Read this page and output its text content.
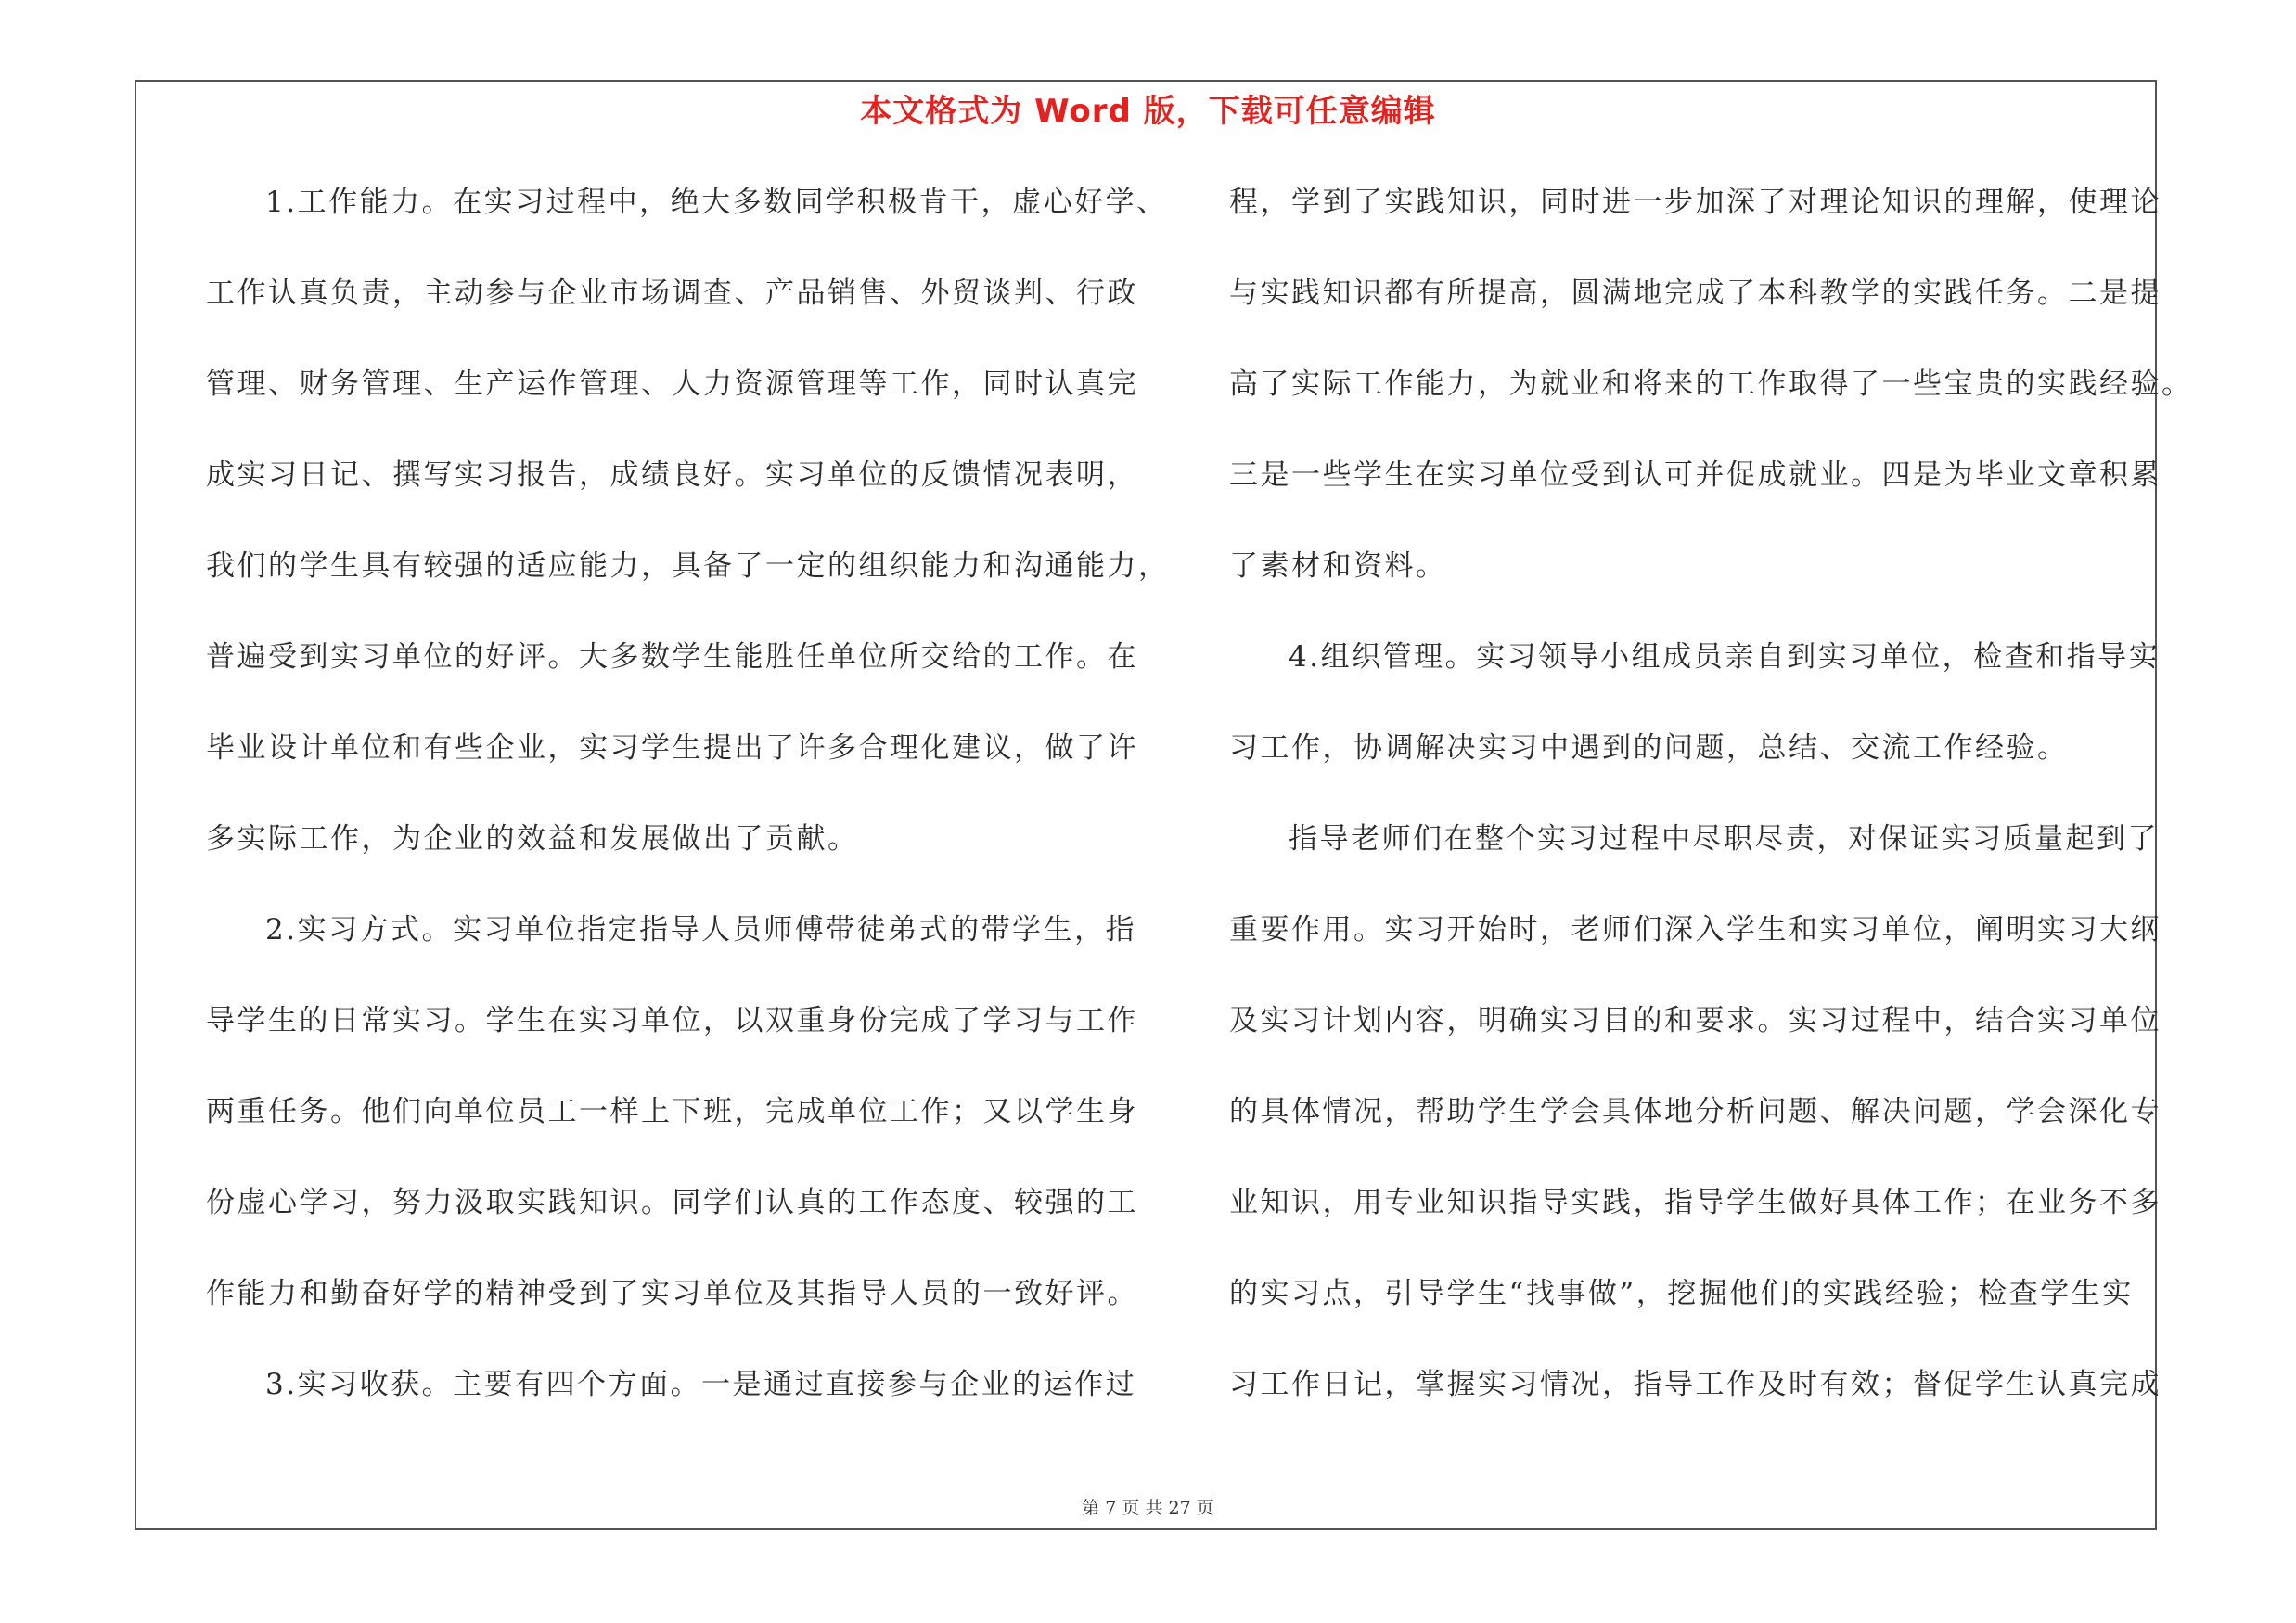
本文格式为 Word 版，下载可任意编辑
1.工作能力。在实习过程中，绝大多数同学积极肯干，虚心好学、
工作认真负责，主动参与企业市场调查、产品销售、外贸谈判、行政
管理、财务管理、生产运作管理、人力资源管理等工作，同时认真完
成实习日记、撰写实习报告，成绩良好。实习单位的反馈情况表明，
我们的学生具有较强的适应能力，具备了一定的组织能力和沟通能力，
普遍受到实习单位的好评。大多数学生能胜任单位所交给的工作。在
毕业设计单位和有些企业，实习学生提出了许多合理化建议，做了许
多实际工作，为企业的效益和发展做出了贡献。
2.实习方式。实习单位指定指导人员师傅带徒弟式的带学生，指
导学生的日常实习。学生在实习单位，以双重身份完成了学习与工作
两重任务。他们向单位员工一样上下班，完成单位工作；又以学生身
份虚心学习，努力汲取实践知识。同学们认真的工作态度、较强的工
作能力和勤奋好学的精神受到了实习单位及其指导人员的一致好评。
3.实习收获。主要有四个方面。一是通过直接参与企业的运作过
程，学到了实践知识，同时进一步加深了对理论知识的理解，使理论
与实践知识都有所提高，圆满地完成了本科教学的实践任务。二是提
高了实际工作能力，为就业和将来的工作取得了一些宝贵的实践经验。
三是一些学生在实习单位受到认可并促成就业。四是为毕业文章积累
了素材和资料。
4.组织管理。实习领导小组成员亲自到实习单位，检查和指导实
习工作，协调解决实习中遇到的问题，总结、交流工作经验。
指导老师们在整个实习过程中尽职尽责，对保证实习质量起到了
重要作用。实习开始时，老师们深入学生和实习单位，阐明实习大纲
及实习计划内容，明确实习目的和要求。实习过程中，结合实习单位
的具体情况，帮助学生学会具体地分析问题、解决问题，学会深化专
业知识，用专业知识指导实践，指导学生做好具体工作；在业务不多
的实习点，引导学生“找事做”，挖掘他们的实践经验；检查学生实
习工作日记，掌握实习情况，指导工作及时有效；督促学生认真完成
第 7 页 共 27 页
